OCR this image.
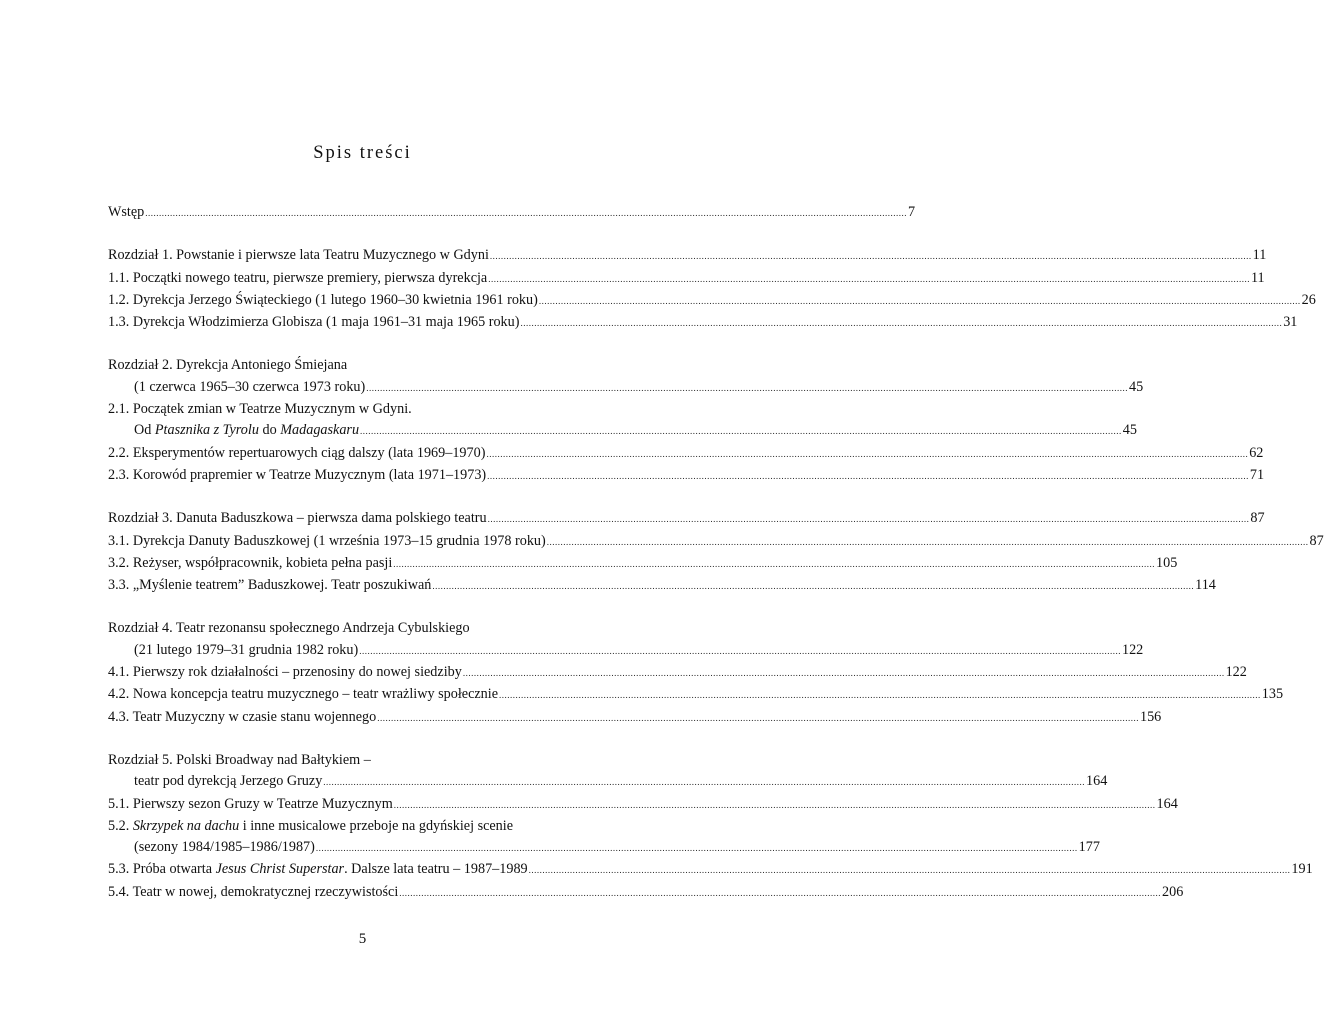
Spis treści
Wstęp .....	7
Rozdział 1. Powstanie i pierwsze lata Teatru Muzycznego w Gdyni .....	11
1.1. Początki nowego teatru, pierwsze premiery, pierwsza dyrekcja .....	11
1.2. Dyrekcja Jerzego Świąteckiego (1 lutego 1960–30 kwietnia 1961 roku) .....	26
1.3. Dyrekcja Włodzimierza Globisza (1 maja 1961–31 maja 1965 roku) .....	31
Rozdział 2. Dyrekcja Antoniego Śmiejana
(1 czerwca 1965–30 czerwca 1973 roku) .....	45
2.1. Początek zmian w Teatrze Muzycznym w Gdyni.
Od Ptasznika z Tyrolu do Madagaskaru .....	45
2.2. Eksperymentów repertuarowych ciąg dalszy (lata 1969–1970) .....	62
2.3. Korowód prapremier w Teatrze Muzycznym (lata 1971–1973) .....	71
Rozdział 3. Danuta Baduszkowa – pierwsza dama polskiego teatru .....	87
3.1. Dyrekcja Danuty Baduszkowej (1 września 1973–15 grudnia 1978 roku) .....	87
3.2. Reżyser, współpracownik, kobieta pełna pasji .....	105
3.3. „Myślenie teatrem” Baduszkowej. Teatr poszukiwań .....	114
Rozdział 4. Teatr rezonansu społecznego Andrzeja Cybulskiego
(21 lutego 1979–31 grudnia 1982 roku) .....	122
4.1. Pierwszy rok działalności – przenosiny do nowej siedziby .....	122
4.2. Nowa koncepcja teatru muzycznego – teatr wrażliwy społecznie .....	135
4.3. Teatr Muzyczny w czasie stanu wojennego .....	156
Rozdział 5. Polski Broadway nad Bałtykiem –
teatr pod dyrekcją Jerzego Gruzy .....	164
5.1. Pierwszy sezon Gruzy w Teatrze Muzycznym .....	164
5.2. Skrzypek na dachu i inne musicalowe przeboje na gdyńskiej scenie
(sezony 1984/1985–1986/1987) .....	177
5.3. Próba otwarta Jesus Christ Superstar. Dalsze lata teatru – 1987–1989 .....	191
5.4. Teatr w nowej, demokratycznej rzeczywistości .....	206
5
